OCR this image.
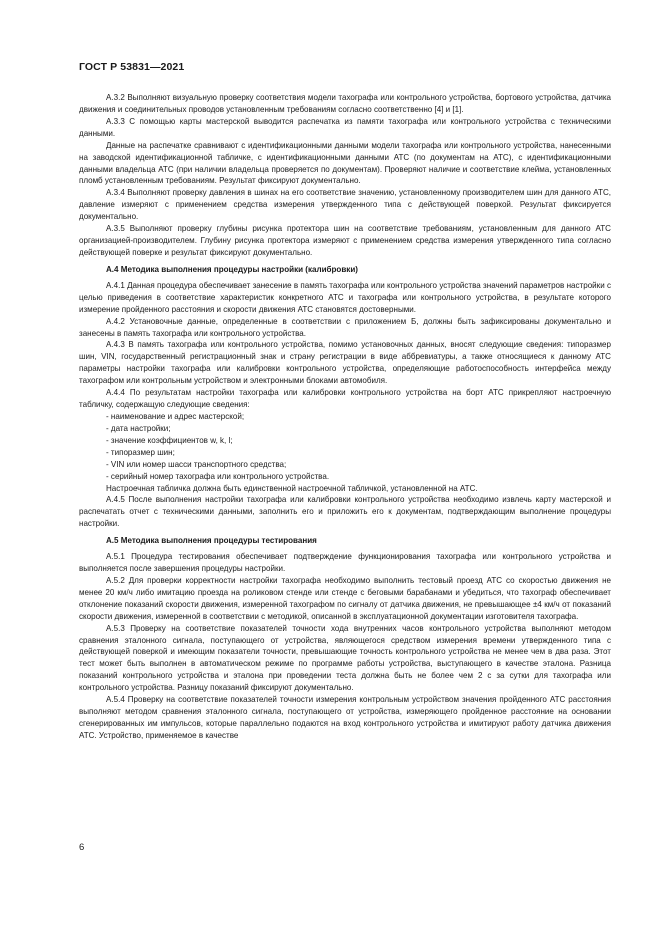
ГОСТ Р 53831—2021

А.3.2 Выполняют визуальную проверку соответствия модели тахографа или контрольного устройства, бортового устройства, датчика движения и соединительных проводов установленным требованиям согласно соответственно [4] и [1].

А.3.3 С помощью карты мастерской выводится распечатка из памяти тахографа или контрольного устройства с техническими данными.

Данные на распечатке сравнивают с идентификационными данными модели тахографа или контрольного устройства, нанесенными на заводской идентификационной табличке, с идентификационными данными АТС (по документам на АТС), с идентификационными данными владельца АТС (при наличии владельца проверяется по документам). Проверяют наличие и соответствие клейма, установленных пломб установленным требованиям. Результат фиксируют документально.

А.3.4 Выполняют проверку давления в шинах на его соответствие значению, установленному производителем шин для данного АТС, давление измеряют с применением средства измерения утвержденного типа с действующей поверкой. Результат фиксируется документально.

А.3.5 Выполняют проверку глубины рисунка протектора шин на соответствие требованиям, установленным для данного АТС организацией-производителем. Глубину рисунка протектора измеряют с применением средства измерения утвержденного типа согласно действующей поверке и результат фиксируют документально.

А.4 Методика выполнения процедуры настройки (калибровки)

А.4.1 Данная процедура обеспечивает занесение в память тахографа или контрольного устройства значений параметров настройки с целью приведения в соответствие характеристик конкретного АТС и тахографа или контрольного устройства, в результате которого измерение пройденного расстояния и скорости движения АТС становятся достоверными.

А.4.2 Установочные данные, определенные в соответствии с приложением Б, должны быть зафиксированы документально и занесены в память тахографа или контрольного устройства.

А.4.3 В память тахографа или контрольного устройства, помимо установочных данных, вносят следующие сведения: типоразмер шин, VIN, государственный регистрационный знак и страну регистрации в виде аббревиатуры, а также относящиеся к данному АТС параметры настройки тахографа или калибровки контрольного устройства, определяющие работоспособность интерфейса между тахографом или контрольным устройством и электронными блоками автомобиля.

А.4.4 По результатам настройки тахографа или калибровки контрольного устройства на борт АТС прикрепляют настроечную табличку, содержащую следующие сведения:

- наименование и адрес мастерской;

- дата настройки;

- значение коэффициентов w, k, l;

- типоразмер шин;

- VIN или номер шасси транспортного средства;

- серийный номер тахографа или контрольного устройства.

Настроечная табличка должна быть единственной настроечной табличкой, установленной на АТС.

А.4.5 После выполнения настройки тахографа или калибровки контрольного устройства необходимо извлечь карту мастерской и распечатать отчет с техническими данными, заполнить его и приложить его к документам, подтверждающим выполнение процедуры настройки.

А.5 Методика выполнения процедуры тестирования

А.5.1 Процедура тестирования обеспечивает подтверждение функционирования тахографа или контрольного устройства и выполняется после завершения процедуры настройки.

А.5.2 Для проверки корректности настройки тахографа необходимо выполнить тестовый проезд АТС со скоростью движения не менее 20 км/ч либо имитацию проезда на роликовом стенде или стенде с беговыми барабанами и убедиться, что тахограф обеспечивает отклонение показаний скорости движения, измеренной тахографом по сигналу от датчика движения, не превышающее ±4 км/ч от показаний скорости движения, измеренной в соответствии с методикой, описанной в эксплуатационной документации изготовителя тахографа.

А.5.3 Проверку на соответствие показателей точности хода внутренних часов контрольного устройства выполняют методом сравнения эталонного сигнала, поступающего от устройства, являющегося средством измерения времени утвержденного типа с действующей поверкой и имеющим показатели точности, превышающие точность контрольного устройства не менее чем в два раза. Этот тест может быть выполнен в автоматическом режиме по программе работы устройства, выступающего в качестве эталона. Разница показаний контрольного устройства и эталона при проведении теста должна быть не более чем 2 с за сутки для тахографа или контрольного устройства. Разницу показаний фиксируют документально.

А.5.4 Проверку на соответствие показателей точности измерения контрольным устройством значения пройденного АТС расстояния выполняют методом сравнения эталонного сигнала, поступающего от устройства, измеряющего пройденное расстояние на основании сгенерированных им импульсов, которые параллельно подаются на вход контрольного устройства и имитируют работу датчика движения АТС. Устройство, применяемое в качестве

6
